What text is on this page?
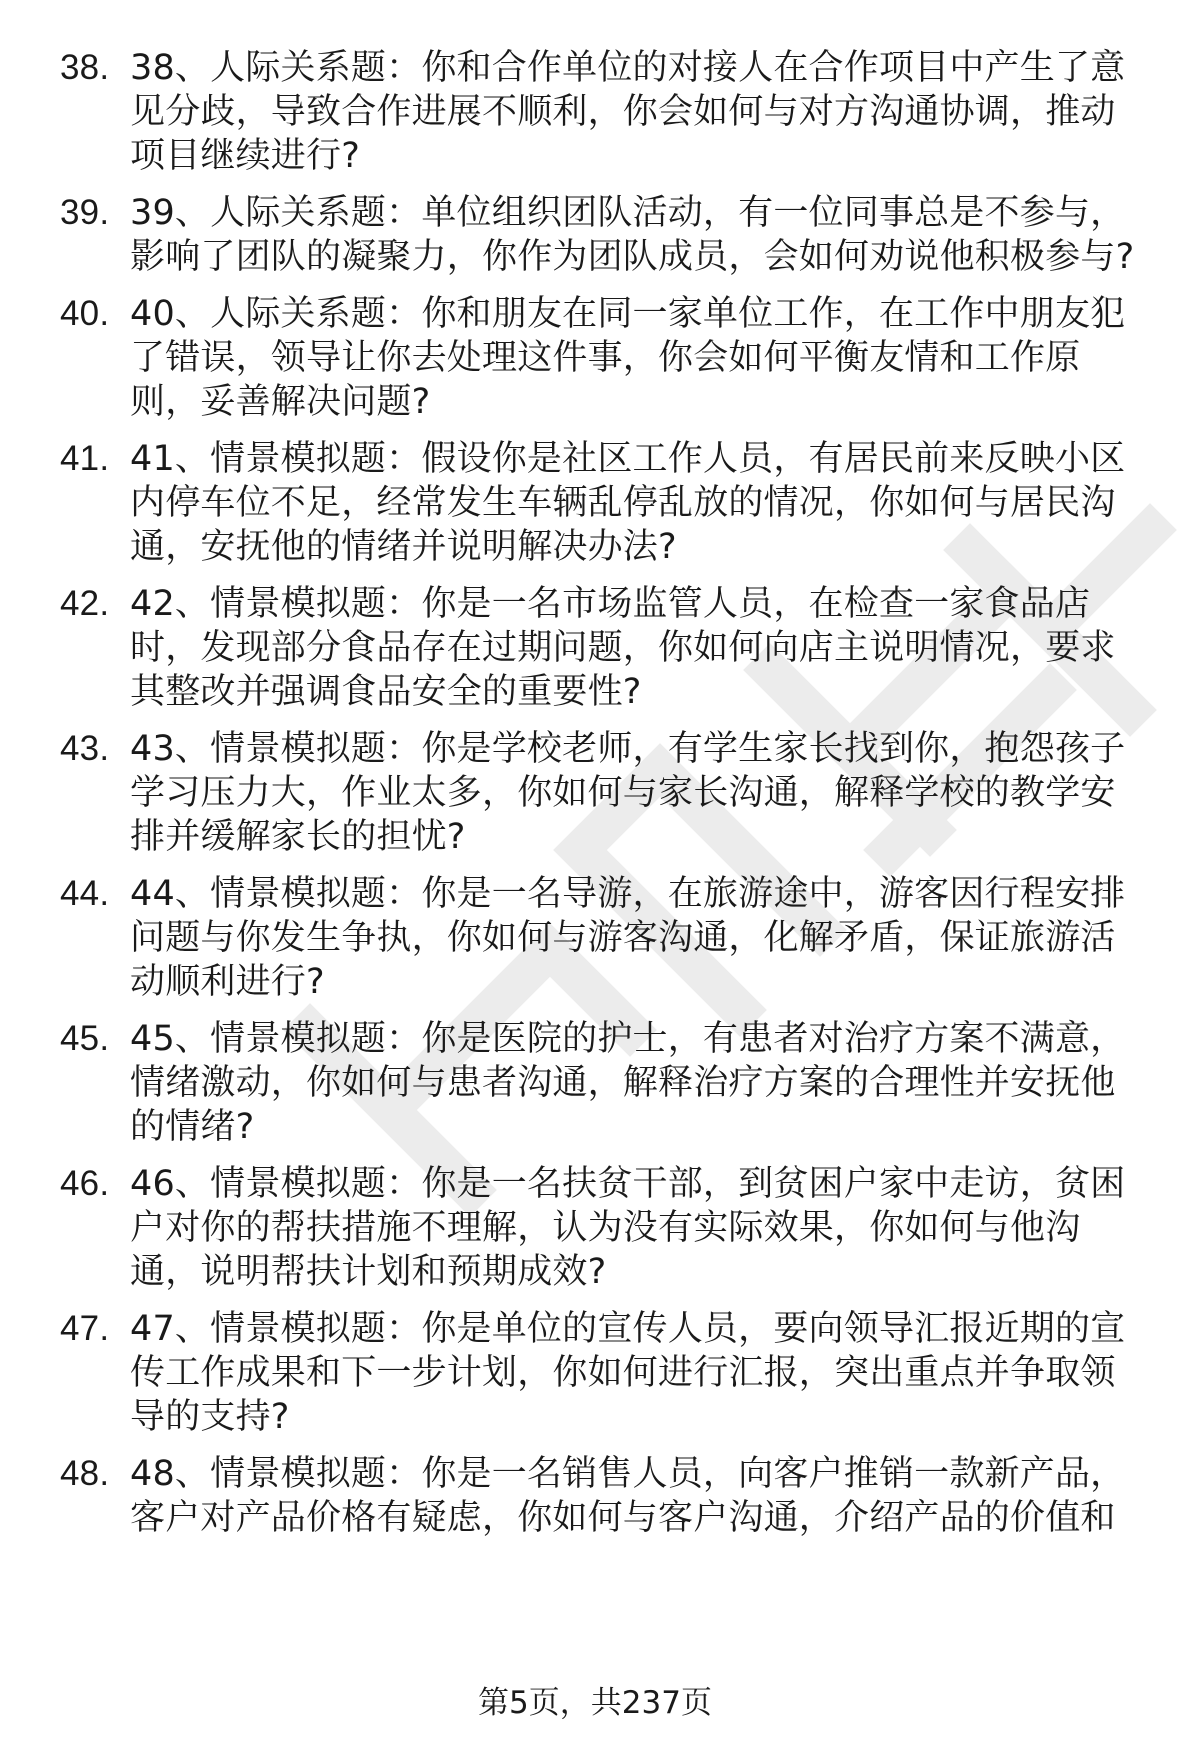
38. 38、人际关系题：你和合作单位的对接人在合作项目中产生了意见分歧，导致合作进展不顺利，你会如何与对方沟通协调，推动项目继续进行?
39. 39、人际关系题：单位组织团队活动，有一位同事总是不参与，影响了团队的凝聚力，你作为团队成员，会如何劝说他积极参与?
40. 40、人际关系题：你和朋友在同一家单位工作，在工作中朋友犯了错误，领导让你去处理这件事，你会如何平衡友情和工作原则，妥善解决问题?
41. 41、情景模拟题：假设你是社区工作人员，有居民前来反映小区内停车位不足，经常发生车辆乱停乱放的情况，你如何与居民沟通，安抚他的情绪并说明解决办法?
42. 42、情景模拟题：你是一名市场监管人员，在检查一家食品店时，发现部分食品存在过期问题，你如何向店主说明情况，要求其整改并强调食品安全的重要性?
43. 43、情景模拟题：你是学校老师，有学生家长找到你，抱怨孩子学习压力大，作业太多，你如何与家长沟通，解释学校的教学安排并缓解家长的担忧?
44. 44、情景模拟题：你是一名导游，在旅游途中，游客因行程安排问题与你发生争执，你如何与游客沟通，化解矛盾，保证旅游活动顺利进行?
45. 45、情景模拟题：你是医院的护士，有患者对治疗方案不满意，情绪激动，你如何与患者沟通，解释治疗方案的合理性并安抚他的情绪?
46. 46、情景模拟题：你是一名扶贫干部，到贫困户家中走访，贫困户对你的帮扶措施不理解，认为没有实际效果，你如何与他沟通，说明帮扶计划和预期成效?
47. 47、情景模拟题：你是单位的宣传人员，要向领导汇报近期的宣传工作成果和下一步计划，你如何进行汇报，突出重点并争取领导的支持?
48. 48、情景模拟题：你是一名销售人员，向客户推销一款新产品，客户对产品价格有疑虑，你如何与客户沟通，介绍产品的价值和
第5页，共237页
